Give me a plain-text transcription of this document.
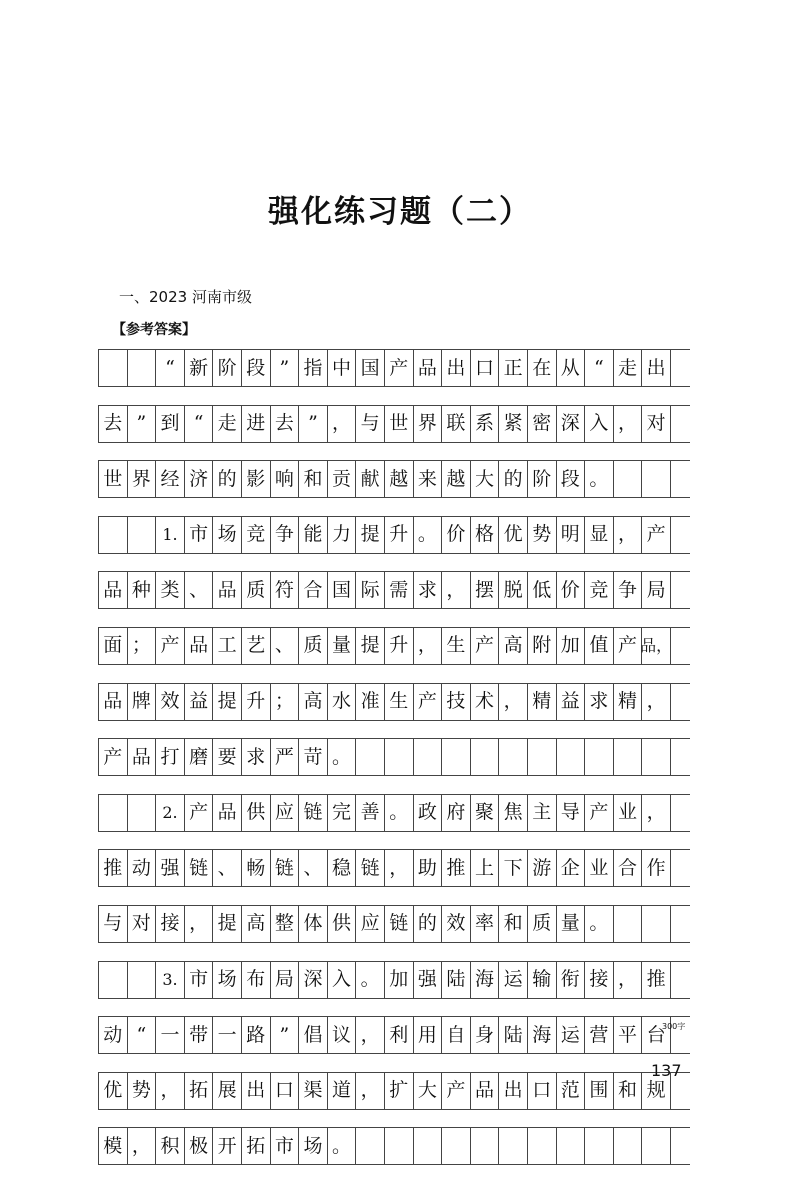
强化练习题（二）

一、2023 河南市级

【参考答案】

“ 新 阶 段 ” 指 中 国 产 品 出 口 正 在 从 “ 走 出
去 ” 到 “ 走 进 去 ” ， 与 世 界 联 系 紧 密 深 入 ， 对
世 界 经 济 的 影 响 和 贡 献 越 来 越 大 的 阶 段 。
1. 市 场 竞 争 能 力 提 升 。 价 格 优 势 明 显 ， 产
品 种 类 、 品 质 符 合 国 际 需 求 ， 摆 脱 低 价 竞 争 局
面 ； 产 品 工 艺 、 质 量 提 升 ， 生 产 高 附 加 值 产 品，
品 牌 效 益 提 升 ； 高 水 准 生 产 技 术 ， 精 益 求 精 ，
产 品 打 磨 要 求 严 苛 。
2. 产 品 供 应 链 完 善 。 政 府 聚 焦 主 导 产 业 ，
推 动 强 链 、 畅 链 、 稳 链 ， 助 推 上 下 游 企 业 合 作
与 对 接 ， 提 高 整 体 供 应 链 的 效 率 和 质 量 。
3. 市 场 布 局 深 入 。 加 强 陆 海 运 输 衔 接 ， 推
动 “ 一 带 一 路 ” 倡 议 ， 利 用 自 身 陆 海 运 营 平 台
优 势 ， 拓 展 出 口 渠 道 ， 扩 大 产 品 出 口 范 围 和 规
模 ， 积 极 开 拓 市 场 。

300字

137
